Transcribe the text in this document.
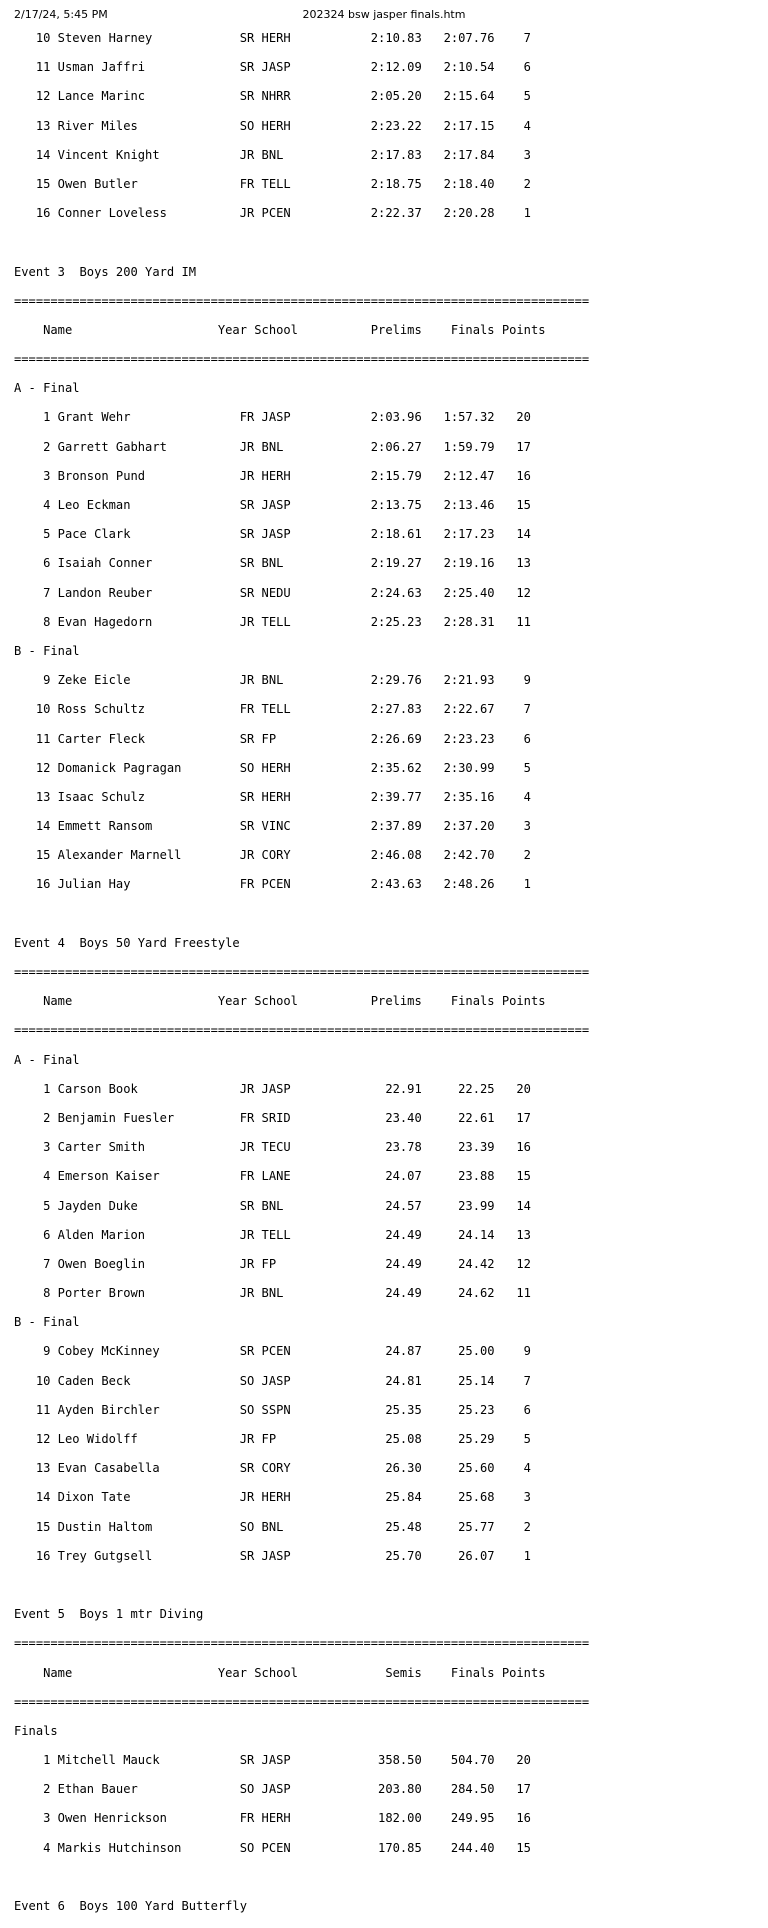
2/17/24, 5:45 PM	202324 bsw jasper finals.htm
10 Steven Harney            SR HERH           2:10.83   2:07.76    7

11 Usman Jaffri             SR JASP           2:12.09   2:10.54    6

12 Lance Marinc             SR NHRR           2:05.20   2:15.64    5

13 River Miles              SO HERH           2:23.22   2:17.15    4

14 Vincent Knight           JR BNL            2:17.83   2:17.84    3

15 Owen Butler              FR TELL           2:18.75   2:18.40    2

16 Conner Loveless          JR PCEN           2:22.37   2:20.28    1

Event 3  Boys 200 Yard IM

===============================================================================

Name                    Year School          Prelims    Finals Points

===============================================================================

A - Final

1 Grant Wehr               FR JASP           2:03.96   1:57.32   20

2 Garrett Gabhart          JR BNL            2:06.27   1:59.79   17

3 Bronson Pund             JR HERH           2:15.79   2:12.47   16

4 Leo Eckman               SR JASP           2:13.75   2:13.46   15

5 Pace Clark               SR JASP           2:18.61   2:17.23   14

6 Isaiah Conner            SR BNL            2:19.27   2:19.16   13

7 Landon Reuber            SR NEDU           2:24.63   2:25.40   12

8 Evan Hagedorn            JR TELL           2:25.23   2:28.31   11

B - Final

9 Zeke Eicle               JR BNL            2:29.76   2:21.93    9

10 Ross Schultz             FR TELL           2:27.83   2:22.67    7

11 Carter Fleck             SR FP             2:26.69   2:23.23    6

12 Domanick Pagragan        SO HERH           2:35.62   2:30.99    5

13 Isaac Schulz             SR HERH           2:39.77   2:35.16    4

14 Emmett Ransom            SR VINC           2:37.89   2:37.20    3

15 Alexander Marnell        JR CORY           2:46.08   2:42.70    2

16 Julian Hay               FR PCEN           2:43.63   2:48.26    1

Event 4  Boys 50 Yard Freestyle

===============================================================================

Name                    Year School          Prelims    Finals Points

===============================================================================

A - Final

1 Carson Book              JR JASP             22.91     22.25   20

2 Benjamin Fuesler         FR SRID             23.40     22.61   17

3 Carter Smith             JR TECU             23.78     23.39   16

4 Emerson Kaiser           FR LANE             24.07     23.88   15

5 Jayden Duke              SR BNL              24.57     23.99   14

6 Alden Marion             JR TELL             24.49     24.14   13

7 Owen Boeglin             JR FP               24.49     24.42   12

8 Porter Brown             JR BNL              24.49     24.62   11

B - Final

9 Cobey McKinney           SR PCEN             24.87     25.00    9

10 Caden Beck               SO JASP             24.81     25.14    7

11 Ayden Birchler           SO SSPN             25.35     25.23    6

12 Leo Widolff              JR FP               25.08     25.29    5

13 Evan Casabella           SR CORY             26.30     25.60    4

14 Dixon Tate               JR HERH             25.84     25.68    3

15 Dustin Haltom            SO BNL              25.48     25.77    2

16 Trey Gutgsell            SR JASP             25.70     26.07    1

Event 5  Boys 1 mtr Diving

===============================================================================

Name                    Year School            Semis    Finals Points

===============================================================================

Finals

1 Mitchell Mauck           SR JASP            358.50    504.70   20

2 Ethan Bauer              SO JASP            203.80    284.50   17

3 Owen Henrickson          FR HERH            182.00    249.95   16

4 Markis Hutchinson        SO PCEN            170.85    244.40   15

Event 6  Boys 100 Yard Butterfly
